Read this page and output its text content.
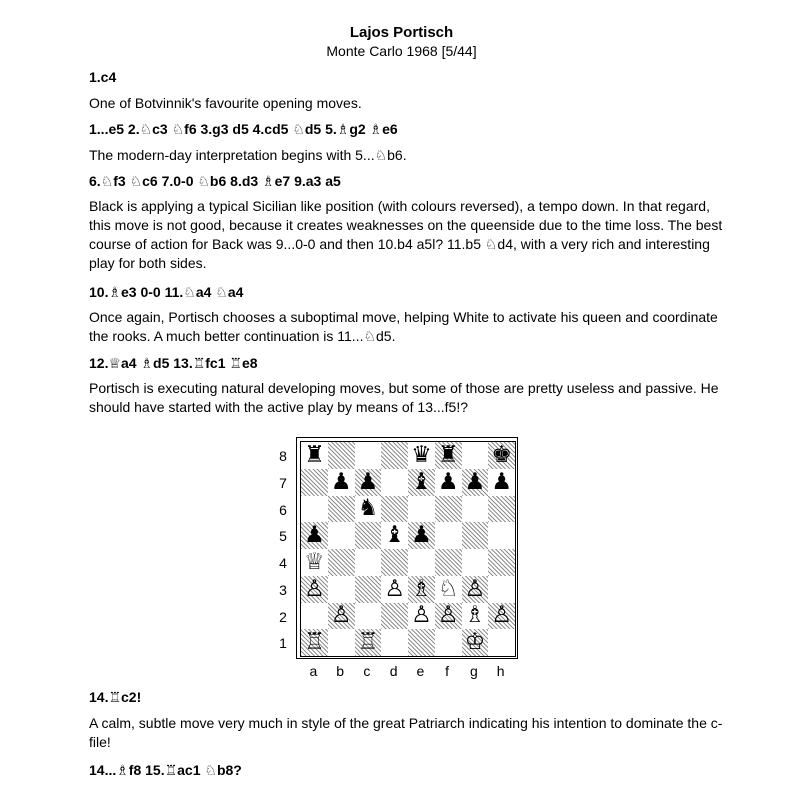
Lajos Portisch
Monte Carlo 1968 [5/44]
1.c4
One of Botvinnik's favourite opening moves.
1...e5 2.♘c3 ♘f6 3.g3 d5 4.cd5 ♘d5 5.♗g2 ♗e6
The modern-day interpretation begins with 5...♘b6.
6.♘f3 ♘c6 7.0-0 ♘b6 8.d3 ♗e7 9.a3 a5
Black is applying a typical Sicilian like position (with colours reversed), a tempo down. In that regard, this move is not good, because it creates weaknesses on the queenside due to the time loss. The best course of action for Back was 9...0-0 and then 10.b4 a5l? 11.b5 ♘d4, with a very rich and interesting play for both sides.
10.♗e3 0-0 11.♘a4 ♘a4
Once again, Portisch chooses a suboptimal move, helping White to activate his queen and coordinate the rooks. A much better continuation is 11...♘d5.
12.♕a4 ♗d5 13.♖fc1 ♖e8
Portisch is executing natural developing moves, but some of those are pretty useless and passive. He should have started with the active play by means of 13...f5!?
♜	♛ ♜ ♚
♟ ♟ ♝ ♟ ♟ ♟
♞
♟	♝ ♟
♕
♙	♙ ♗ ♘ ♙
♙	♙ ♙ ♗ ♙
♖ ♖	♔
8
7
6
5
4
3
2
1
a	b	c	d	e	f	g	h
14.♖c2!
A calm, subtle move very much in style of the great Patriarch indicating his intention to dominate the c-file!
14...♗f8 15.♖ac1 ♘b8?
